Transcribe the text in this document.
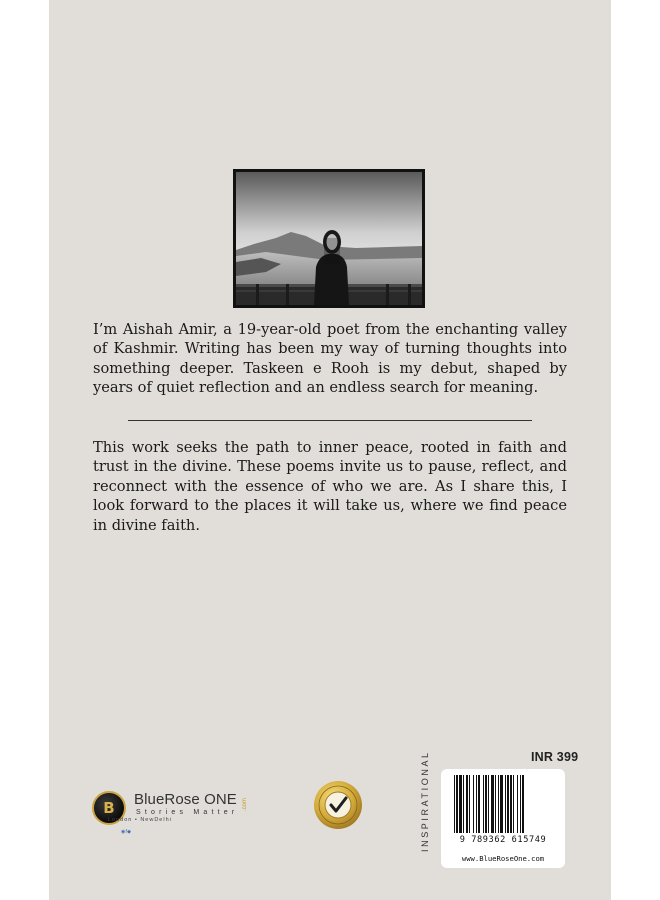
I’m Aishah Amir, a 19-year-old poet from the enchanting valley of Kashmir. Writing has been my way of turning thoughts into something deeper. Taskeen e Rooh is my debut, shaped by years of quiet reflection and an endless search for meaning.

This work seeks the path to inner peace, rooted in faith and trust in the divine. These poems invite us to pause, reflect, and reconnect with the essence of who we are. As I share this, I look forward to the places it will take us, where we find peace in divine faith.

B	BlueRose ONE .com
Stories Matter
London • NewDelhi
◉f◆	INSPIRATIONAL	INR 399
9 789362 615749
www.BlueRoseOne.com
